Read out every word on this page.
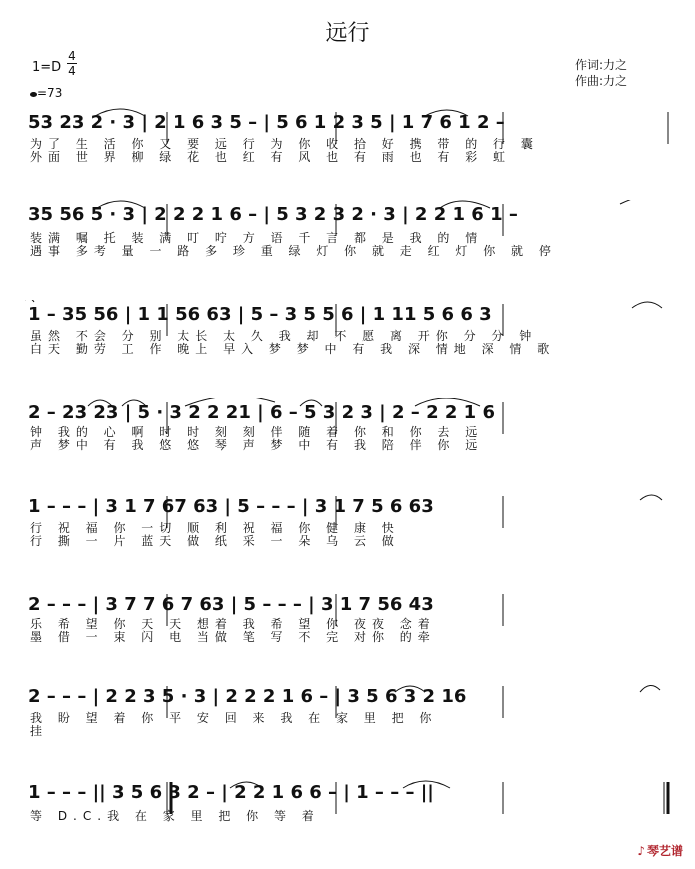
远行
作词:力之
作曲:力之
1=D
4
4
=73
53 23 2 · 3 | 2 1 6 3 5 – | 5 6 1 2 3 5 | 1 7 6 1 2 –
为了 生 活 你 又 要 远 行 为 你 收 拾 好 携 带 的 行 囊
外面 世 界 柳 绿 花 也 红 有 风 也 有 雨 也 有 彩 虹
35 56 5 · 3 | 2 2 2 1 6 – | 5 3 2 3 2 · 3 | 2 2 1 6 1 –
装满 嘱 托 装 满 叮 咛 方 语 千 言 都 是 我 的 情
遇事 多考 量 一 路 多 珍 重 绿 灯 你 就 走 红 灯 你 就 停
1 – 35 56 | 1 1 56 63 | 5 – 3 5 5 6 | 1 11 5 6 6 3
虽然 不会 分 别 太长 太 久 我 却 不 愿 离 开你 分 分 钟
白天 勤劳 工 作 晚上 早入 梦 梦 中 有 我 深 情地 深 情 歌
2 – 23 23 | 5 · 3 2 2 21 | 6 – 5 3 2 3 | 2 – 2 2 1 6
钟 我的 心 啊 时 时 刻 刻 伴 随 着 你 和 你 去 远
声 梦中 有 我 悠 悠 琴 声 梦 中 有 我 陪 伴 你 远
1 – – – | 3 1 7 67 63 | 5 – – – | 3 1 7 5 6 63
行 祝 福 你 一切 顺 利 祝 福 你 健 康 快
行 撕 一 片 蓝天 做 纸 采 一 朵 乌 云 做
2 – – – | 3 7 7 6 7 63 | 5 – – – | 3 1 7 56 43
乐 希 望 你 天 天 想着 我 希 望 你 夜夜 念着
墨 借 一 束 闪 电 当做 笔 写 不 完 对你 的牵
2 – – – | 2 2 3 5 · 3 | 2 2 2 1 6 – | 3 5 6 3 2 16
我 盼 望 着 你 平 安 回 来 我 在 家 里 把 你
挂
1 – – – || 3 5 6 3 2 – | 2 2 1 6 6 – | 1 – – – ||
等 D.C.我 在 家 里 把 你 等 着
♪ 琴艺谱
